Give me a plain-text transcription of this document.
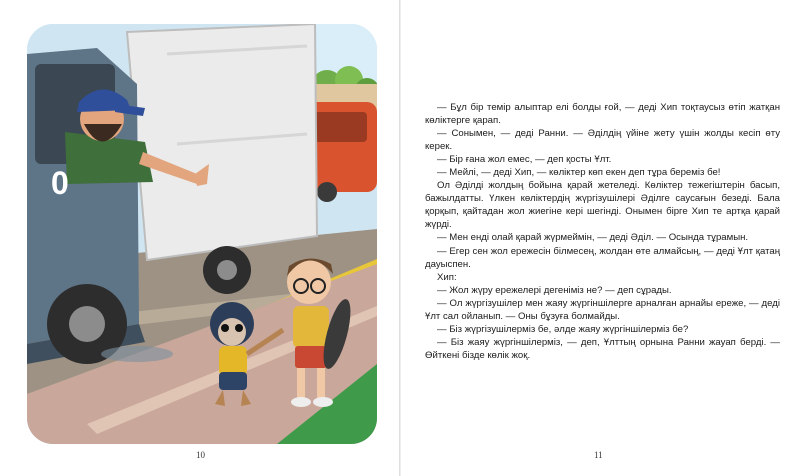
0
10	11

— Бұл бір темір алыптар елі болды ғой, — деді Хип тоқтаусыз өтіп жатқан көліктерге қарап.

— Сонымен, — деді Ранни. — Әділдің үйіне жету үшін жолды кесіп өту керек.

— Бір ғана жол емес, — деп қосты Ұлт.

— Мейлі, — деді Хип, — көліктер көп екен деп тұра береміз бе!

Ол Әділді жолдың бойына қарай жетеледі. Көліктер тежегіштерін басып, бажылдатты. Үлкен көліктердің жүргізушілері Әділге саусағын безеді. Бала қорқып, қайтадан жол жиегіне кері шегінді. Онымен бірге Хип те артқа қарай жүрді.

— Мен енді олай қарай жүрмеймін, — деді Әділ. — Осында тұрамын.

— Егер сен жол ережесін білмесең, жолдан өте алмайсың, — деді Ұлт қатаң дауыспен.

Хип:

— Жол жүру ережелері дегеніміз не? — деп сұрады.

— Ол жүргізушілер мен жаяу жүргіншілерге арналған арнайы ереже, — деді Ұлт сал ойланып. — Оны бұзуға болмайды.

— Біз жүргізушілерміз бе, әлде жаяу жүргіншілерміз бе?

— Біз жаяу жүргіншілерміз, — деп, Ұлттың орнына Ранни жауап берді. — Өйткені бізде көлік жоқ.
